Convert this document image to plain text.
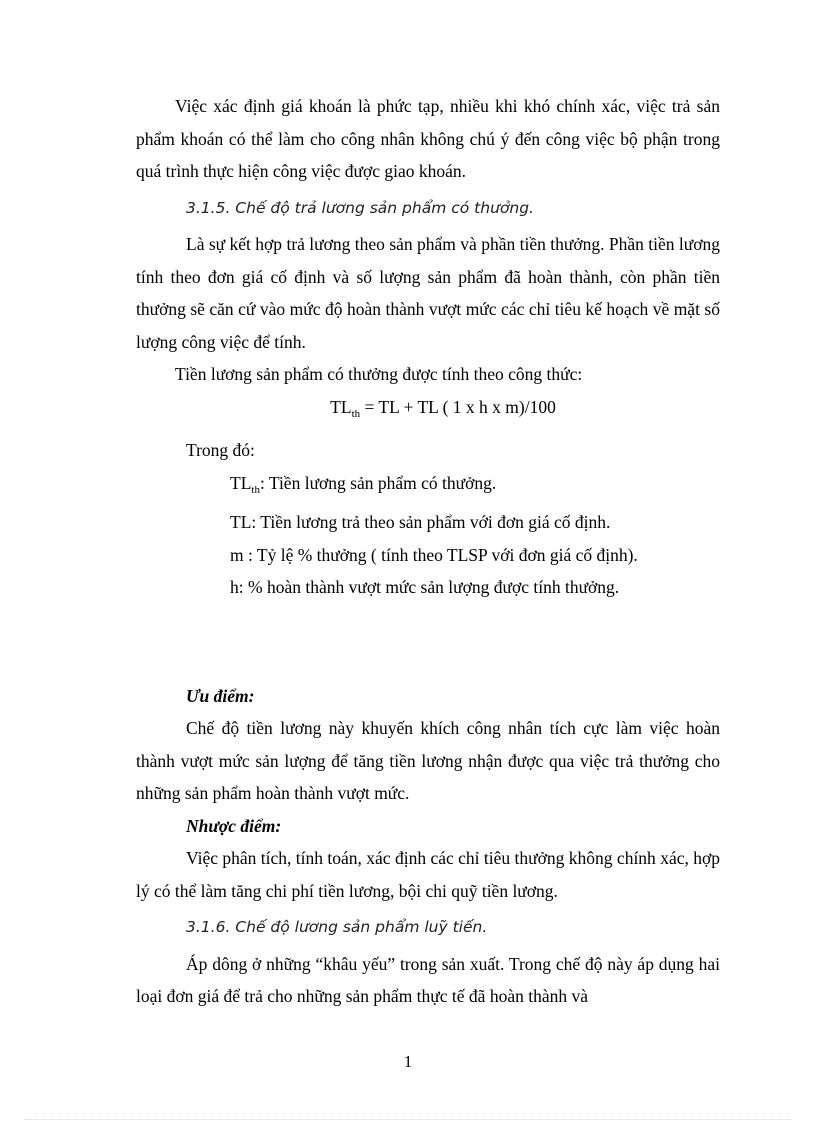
Việc xác định giá khoán là phức tạp, nhiều khi khó chính xác, việc trả sản phẩm khoán có thể làm cho công nhân không chú ý đến công việc bộ phận trong quá trình thực hiện công việc được giao khoán.

3.1.5. Chế độ trả lương sản phẩm có thưởng.

Là sự kết hợp trả lương theo sản phẩm và phần tiền thưởng. Phần tiền lương tính theo đơn giá cố định và số lượng sản phẩm đã hoàn thành, còn phần tiền thưởng sẽ căn cứ vào mức độ hoàn thành vượt mức các chỉ tiêu kế hoạch về mặt số lượng công việc để tính.

Tiền lương sản phẩm có thưởng được tính theo công thức:

$TL_{th}$ = TL + TL ( 1 x h x m)/100

Trong đó:

$TL_{th}$: Tiền lương sản phẩm có thưởng.

TL: Tiền lương trả theo sản phẩm với đơn giá cố định.

m : Tỷ lệ % thưởng ( tính theo TLSP với đơn giá cố định).

h: % hoàn thành vượt mức sản lượng được tính thưởng.

Ưu điểm:

Chế độ tiền lương này khuyến khích công nhân tích cực làm việc hoàn thành vượt mức sản lượng để tăng tiền lương nhận được qua việc trả thưởng cho những sản phẩm hoàn thành vượt mức.

Nhược điểm:

Việc phân tích, tính toán, xác định các chỉ tiêu thưởng không chính xác, hợp lý có thể làm tăng chi phí tiền lương, bội chi quỹ tiền lương.

3.1.6. Chế độ lương sản phẩm luỹ tiến.

Áp dông ở những “khâu yếu” trong sản xuất. Trong chế độ này áp dụng hai loại đơn giá để trả cho những sản phẩm thực tế đã hoàn thành và

1
